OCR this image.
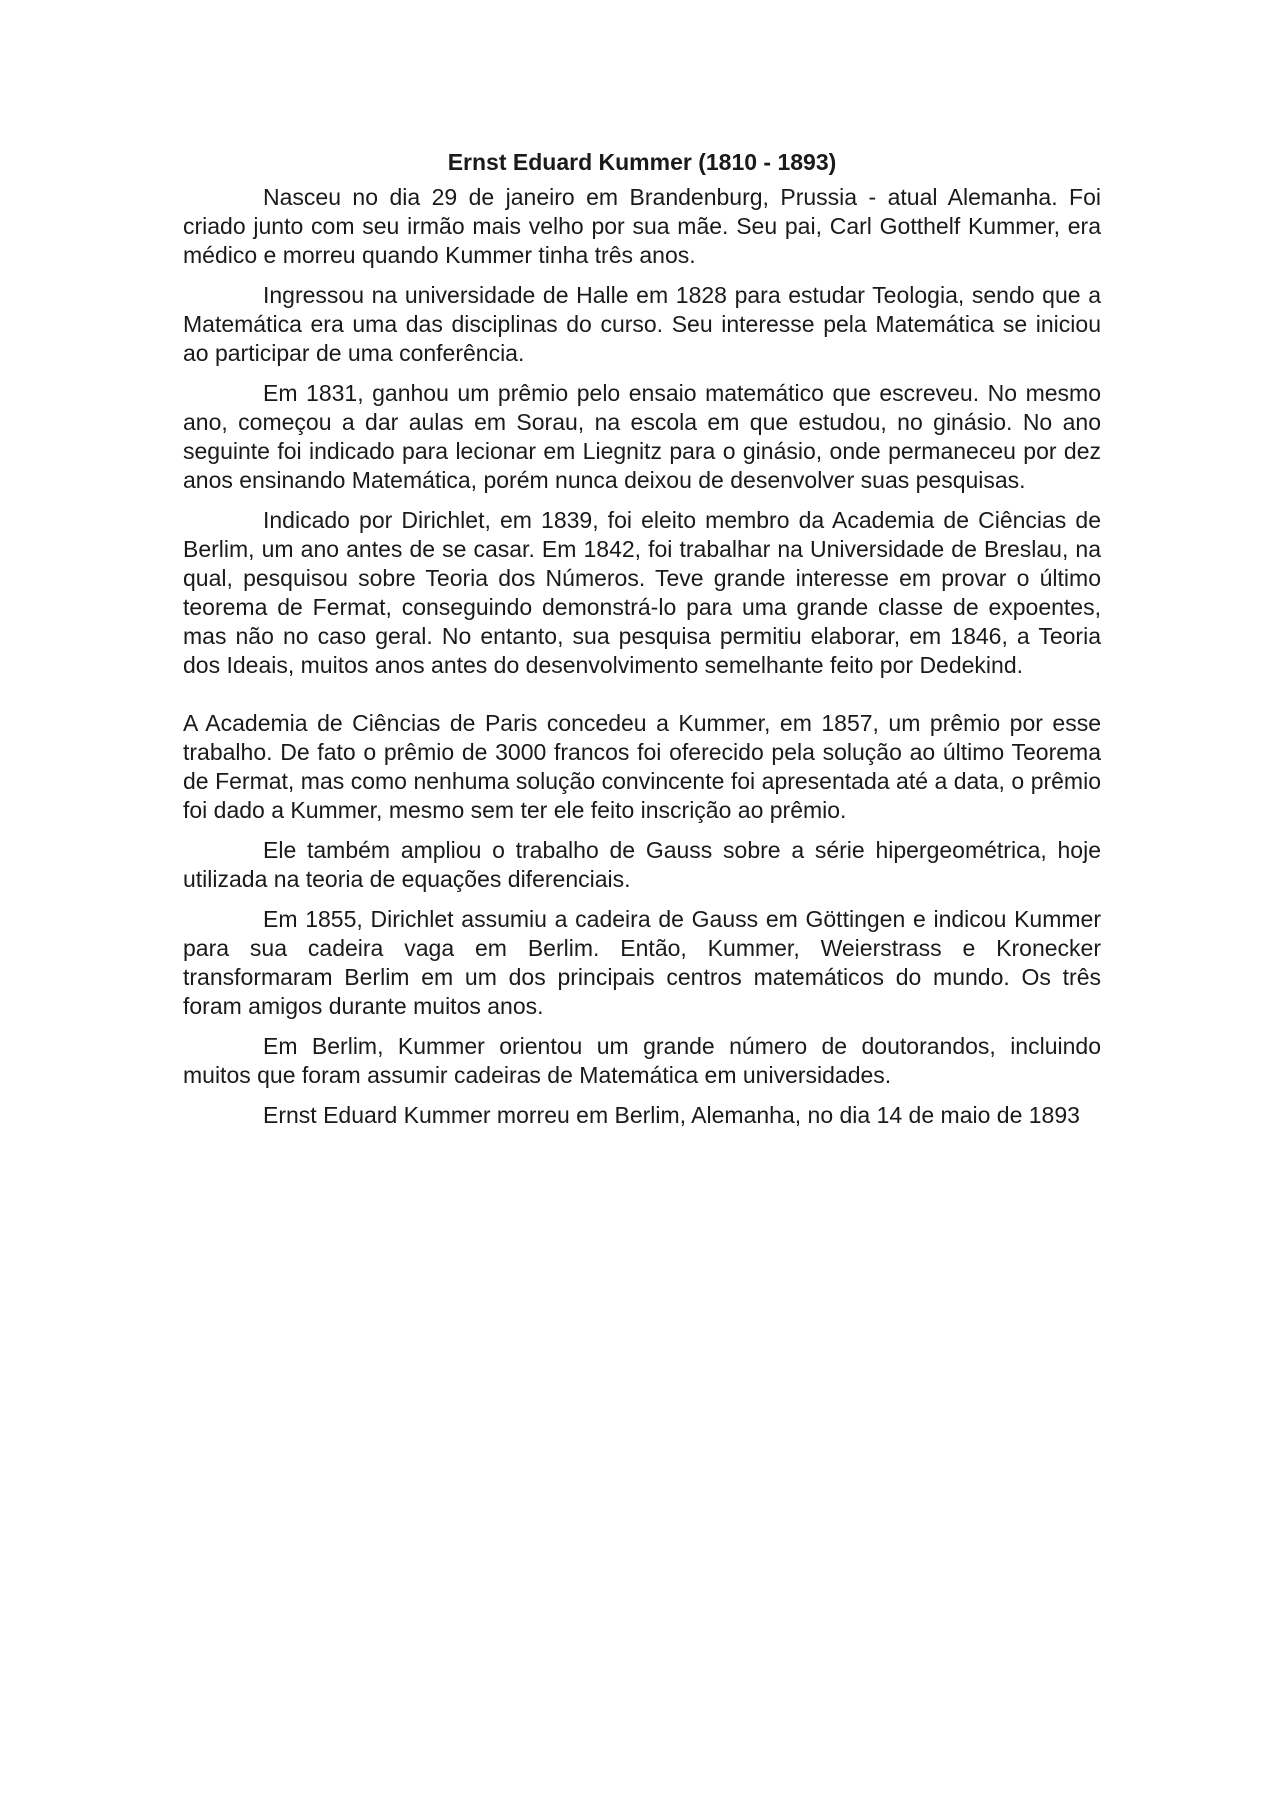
Ernst Eduard Kummer (1810 - 1893)

Nasceu no dia 29 de janeiro em Brandenburg, Prussia - atual Alemanha. Foi criado junto com seu irmão mais velho por sua mãe. Seu pai, Carl Gotthelf Kummer, era médico e morreu quando Kummer tinha três anos.

Ingressou na universidade de Halle em 1828 para estudar Teologia, sendo que a Matemática era uma das disciplinas do curso. Seu interesse pela Matemática se iniciou ao participar de uma conferência.

Em 1831, ganhou um prêmio pelo ensaio matemático que escreveu. No mesmo ano, começou a dar aulas em Sorau, na escola em que estudou, no ginásio. No ano seguinte foi indicado para lecionar em Liegnitz para o ginásio, onde permaneceu por dez anos ensinando Matemática, porém nunca deixou de desenvolver suas pesquisas.

Indicado por Dirichlet, em 1839, foi eleito membro da Academia de Ciências de Berlim, um ano antes de se casar. Em 1842, foi trabalhar na Universidade de Breslau, na qual, pesquisou sobre Teoria dos Números. Teve grande interesse em provar o último teorema de Fermat, conseguindo demonstrá-lo para uma grande classe de expoentes, mas não no caso geral. No entanto, sua pesquisa permitiu elaborar, em 1846, a Teoria dos Ideais, muitos anos antes do desenvolvimento semelhante feito por Dedekind.

A Academia de Ciências de Paris concedeu a Kummer, em 1857, um prêmio por esse trabalho. De fato o prêmio de 3000 francos foi oferecido pela solução ao último Teorema de Fermat, mas como nenhuma solução convincente foi apresentada até a data, o prêmio foi dado a Kummer, mesmo sem ter ele feito inscrição ao prêmio.

Ele também ampliou o trabalho de Gauss sobre a série hipergeométrica, hoje utilizada na teoria de equações diferenciais.

Em 1855, Dirichlet assumiu a cadeira de Gauss em Göttingen e indicou Kummer para sua cadeira vaga em Berlim. Então, Kummer, Weierstrass e Kronecker transformaram Berlim em um dos principais centros matemáticos do mundo. Os três foram amigos durante muitos anos.

Em Berlim, Kummer orientou um grande número de doutorandos, incluindo muitos que foram assumir cadeiras de Matemática em universidades.

Ernst Eduard Kummer morreu em Berlim, Alemanha, no dia 14 de maio de 1893
